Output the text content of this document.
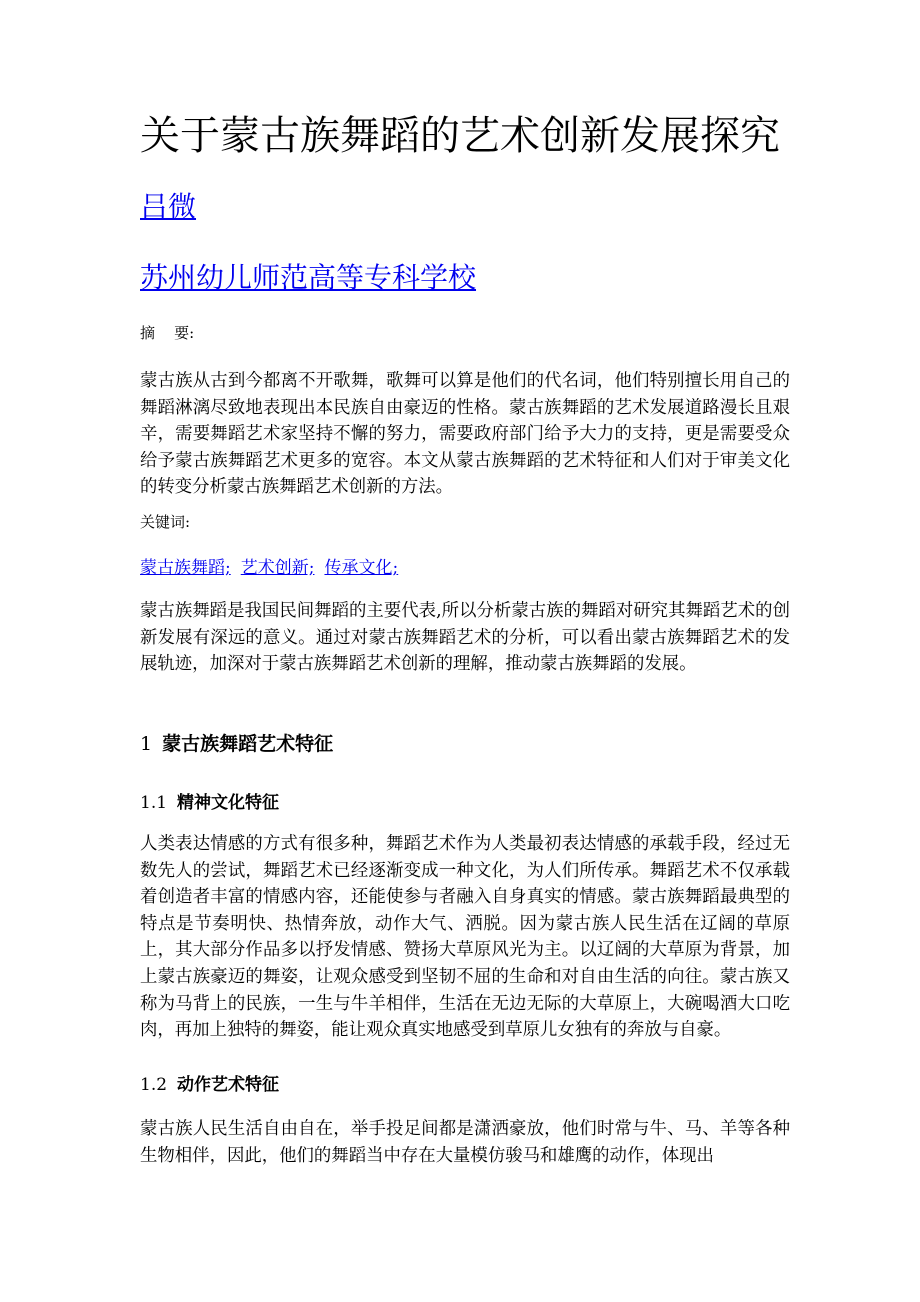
关于蒙古族舞蹈的艺术创新发展探究
吕微
苏州幼儿师范高等专科学校
摘    要:

蒙古族从古到今都离不开歌舞，歌舞可以算是他们的代名词，他们特别擅长用自己的舞蹈淋漓尽致地表现出本民族自由豪迈的性格。蒙古族舞蹈的艺术发展道路漫长且艰辛，需要舞蹈艺术家坚持不懈的努力，需要政府部门给予大力的支持，更是需要受众给予蒙古族舞蹈艺术更多的宽容。本文从蒙古族舞蹈的艺术特征和人们对于审美文化的转变分析蒙古族舞蹈艺术创新的方法。

关键词:
蒙古族舞蹈; 艺术创新; 传承文化;

蒙古族舞蹈是我国民间舞蹈的主要代表,所以分析蒙古族的舞蹈对研究其舞蹈艺术的创新发展有深远的意义。通过对蒙古族舞蹈艺术的分析，可以看出蒙古族舞蹈艺术的发展轨迹，加深对于蒙古族舞蹈艺术创新的理解，推动蒙古族舞蹈的发展。

1 蒙古族舞蹈艺术特征
1.1 精神文化特征

人类表达情感的方式有很多种，舞蹈艺术作为人类最初表达情感的承载手段，经过无数先人的尝试，舞蹈艺术已经逐渐变成一种文化，为人们所传承。舞蹈艺术不仅承载着创造者丰富的情感内容，还能使参与者融入自身真实的情感。蒙古族舞蹈最典型的特点是节奏明快、热情奔放，动作大气、洒脱。因为蒙古族人民生活在辽阔的草原上，其大部分作品多以抒发情感、赞扬大草原风光为主。以辽阔的大草原为背景，加上蒙古族豪迈的舞姿，让观众感受到坚韧不屈的生命和对自由生活的向往。蒙古族又称为马背上的民族，一生与牛羊相伴，生活在无边无际的大草原上，大碗喝酒大口吃肉，再加上独特的舞姿，能让观众真实地感受到草原儿女独有的奔放与自豪。

1.2 动作艺术特征

蒙古族人民生活自由自在，举手投足间都是潇洒豪放，他们时常与牛、马、羊等各种生物相伴，因此，他们的舞蹈当中存在大量模仿骏马和雄鹰的动作，体现出
